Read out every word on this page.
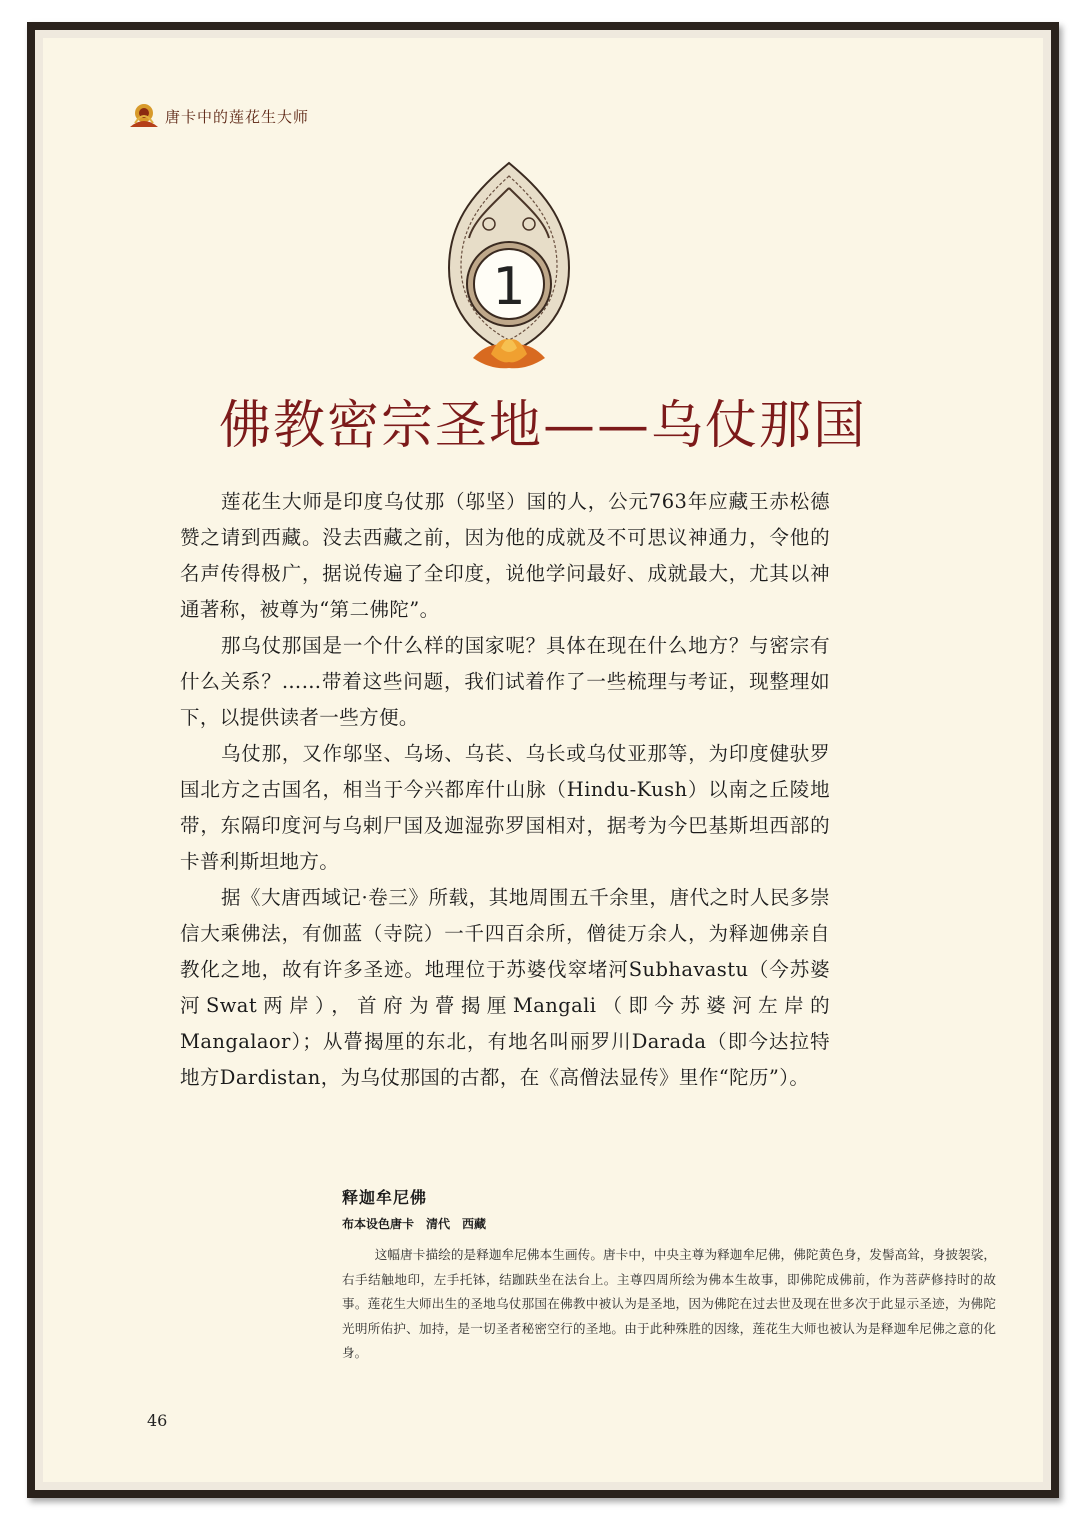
唐卡中的莲花生大师
1
佛教密宗圣地——乌仗那国

莲花生大师是印度乌仗那（邬坚）国的人，公元763年应藏王赤松德赞之请到西藏。没去西藏之前，因为他的成就及不可思议神通力，令他的名声传得极广，据说传遍了全印度，说他学问最好、成就最大，尤其以神通著称，被尊为“第二佛陀”。

那乌仗那国是一个什么样的国家呢？具体在现在什么地方？与密宗有什么关系？……带着这些问题，我们试着作了一些梳理与考证，现整理如下，以提供读者一些方便。

乌仗那，又作邬坚、乌场、乌苌、乌长或乌仗亚那等，为印度健驮罗国北方之古国名，相当于今兴都库什山脉（Hindu-Kush）以南之丘陵地带，东隔印度河与乌剌尸国及迦湿弥罗国相对，据考为今巴基斯坦西部的卡普利斯坦地方。

据《大唐西域记·卷三》所载，其地周围五千余里，唐代之时人民多崇信大乘佛法，有伽蓝（寺院）一千四百余所，僧徒万余人，为释迦佛亲自教化之地，故有许多圣迹。地理位于苏婆伐窣堵河Subhavastu（今苏婆河Swat两岸），首府为瞢揭厘Mangali（即今苏婆河左岸的Mangalaor）；从瞢揭厘的东北，有地名叫丽罗川Darada（即今达拉特地方Dardistan，为乌仗那国的古都，在《高僧法显传》里作“陀历”）。

释迦牟尼佛
布本设色唐卡　清代　西藏
这幅唐卡描绘的是释迦牟尼佛本生画传。唐卡中，中央主尊为释迦牟尼佛，佛陀黄色身，发髻高耸，身披袈裟，右手结触地印，左手托钵，结跏趺坐在法台上。主尊四周所绘为佛本生故事，即佛陀成佛前，作为菩萨修持时的故事。莲花生大师出生的圣地乌仗那国在佛教中被认为是圣地，因为佛陀在过去世及现在世多次于此显示圣迹，为佛陀光明所佑护、加持，是一切圣者秘密空行的圣地。由于此种殊胜的因缘，莲花生大师也被认为是释迦牟尼佛之意的化身。
46
